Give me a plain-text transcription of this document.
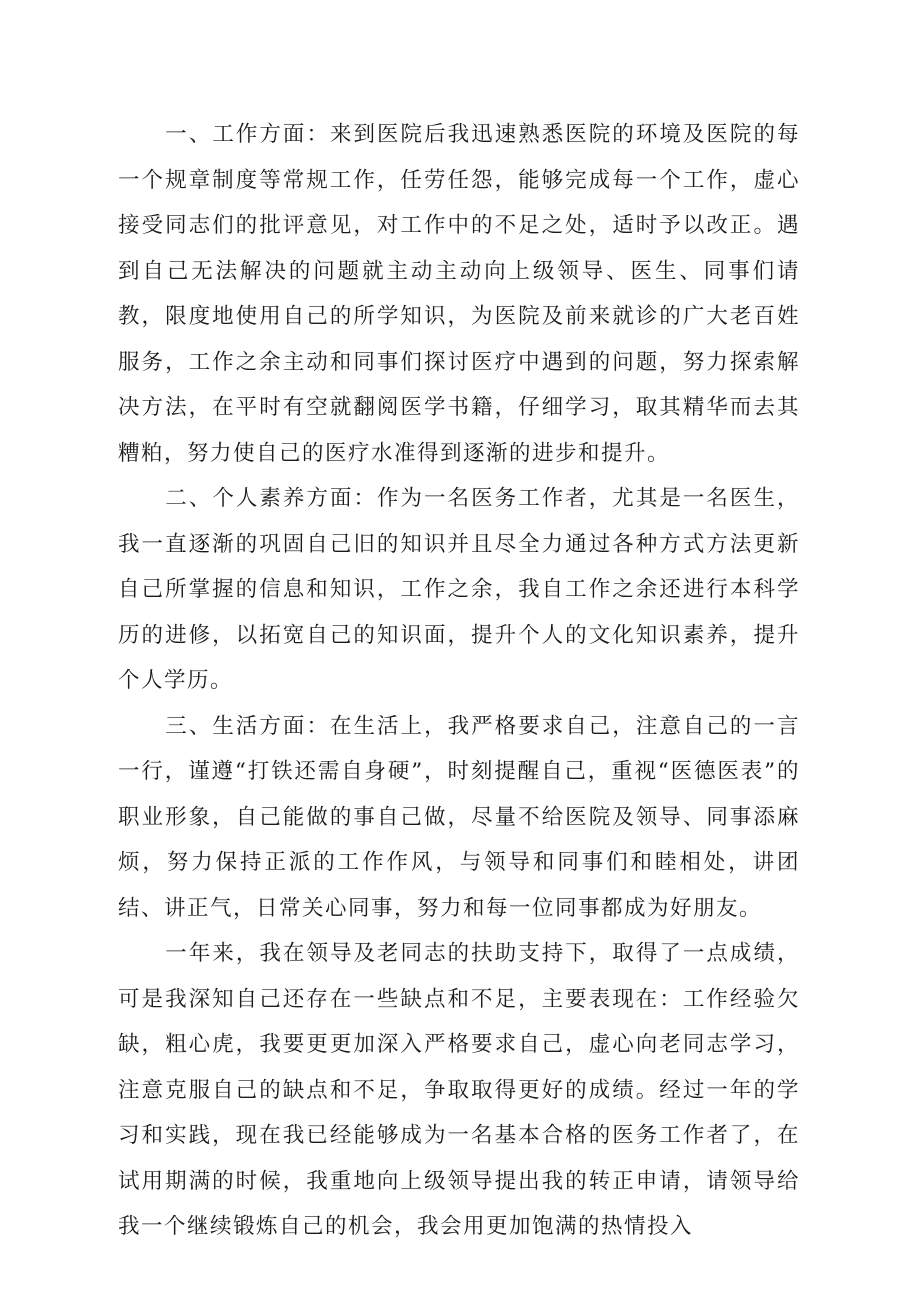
一、工作方面：来到医院后我迅速熟悉医院的环境及医院的每一个规章制度等常规工作，任劳任怨，能够完成每一个工作，虚心接受同志们的批评意见，对工作中的不足之处，适时予以改正。遇到自己无法解决的问题就主动主动向上级领导、医生、同事们请教，限度地使用自己的所学知识，为医院及前来就诊的广大老百姓服务，工作之余主动和同事们探讨医疗中遇到的问题，努力探索解决方法，在平时有空就翻阅医学书籍，仔细学习，取其精华而去其糟粕，努力使自己的医疗水准得到逐渐的进步和提升。

二、个人素养方面：作为一名医务工作者，尤其是一名医生，我一直逐渐的巩固自己旧的知识并且尽全力通过各种方式方法更新自己所掌握的信息和知识，工作之余，我自工作之余还进行本科学历的进修，以拓宽自己的知识面，提升个人的文化知识素养，提升个人学历。

三、生活方面：在生活上，我严格要求自己，注意自己的一言一行，谨遵“打铁还需自身硬”，时刻提醒自己，重视“医德医表”的职业形象，自己能做的事自己做，尽量不给医院及领导、同事添麻烦，努力保持正派的工作作风，与领导和同事们和睦相处，讲团结、讲正气，日常关心同事，努力和每一位同事都成为好朋友。

一年来，我在领导及老同志的扶助支持下，取得了一点成绩，可是我深知自己还存在一些缺点和不足，主要表现在：工作经验欠缺，粗心虎，我要更更加深入严格要求自己，虚心向老同志学习，注意克服自己的缺点和不足，争取取得更好的成绩。经过一年的学习和实践，现在我已经能够成为一名基本合格的医务工作者了，在试用期满的时候，我重地向上级领导提出我的转正申请，请领导给我一个继续锻炼自己的机会，我会用更加饱满的热情投入
